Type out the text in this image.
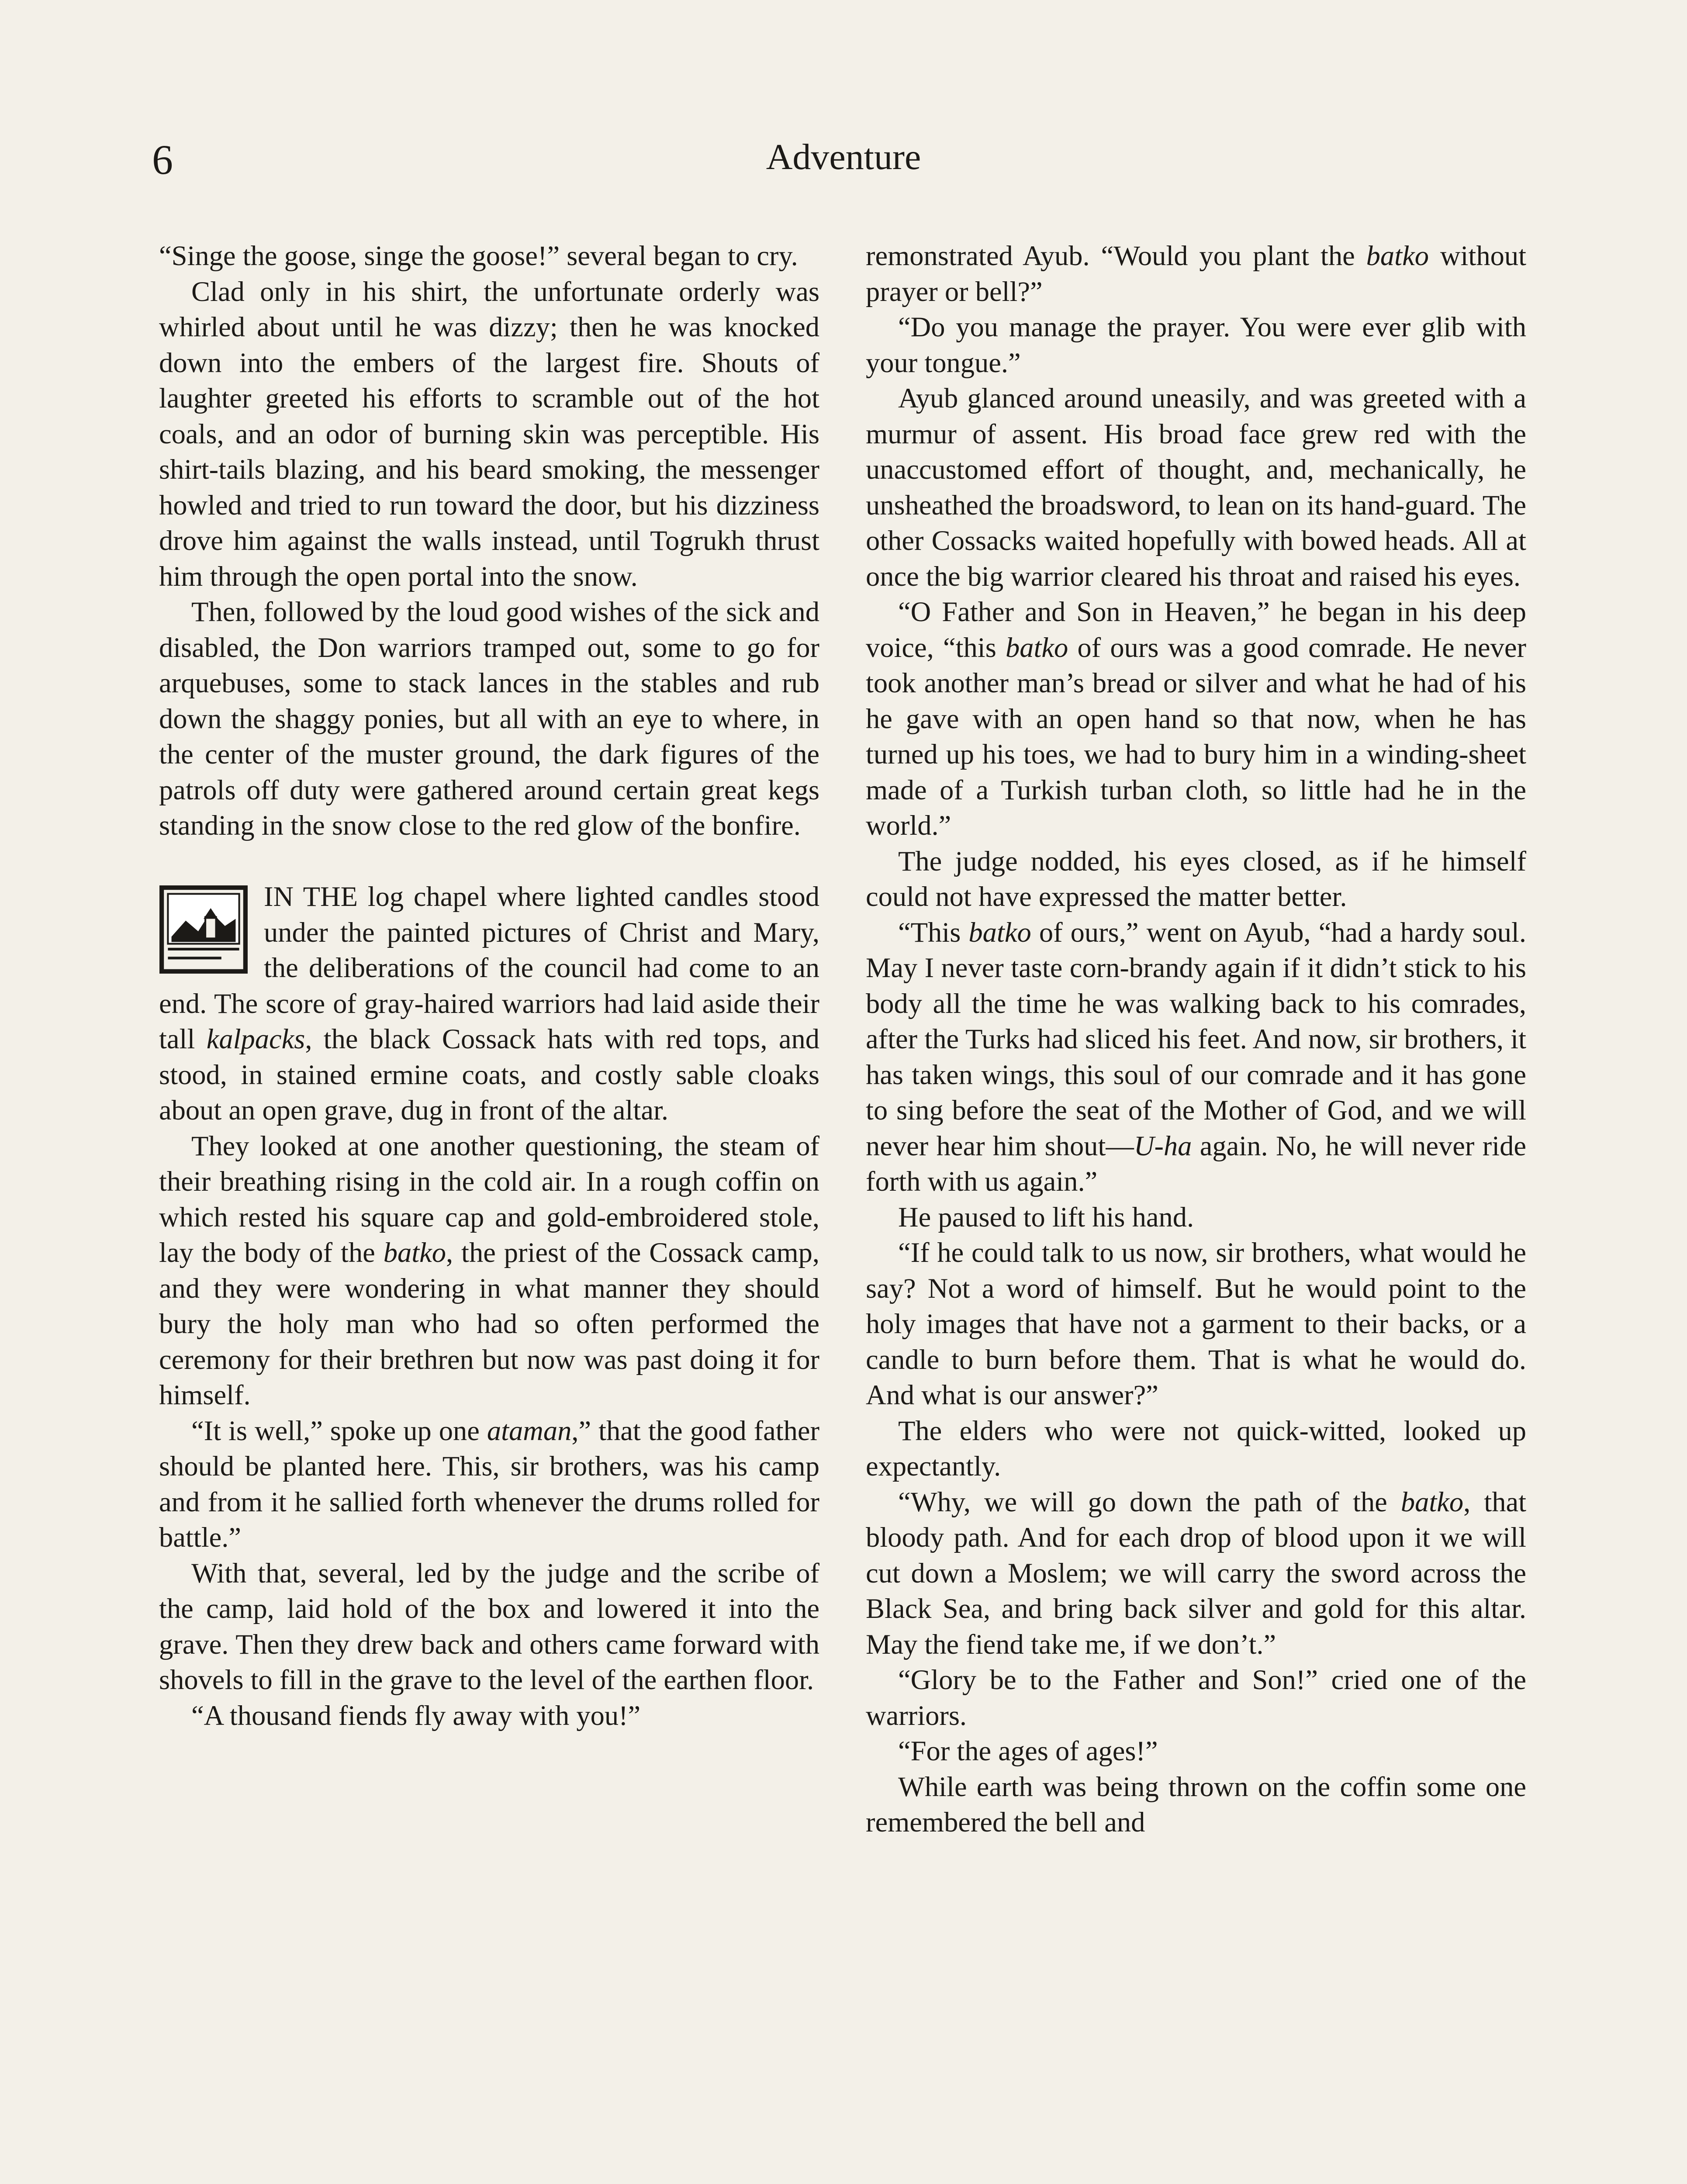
6	Adventure

“Singe the goose, singe the goose!” several began to cry.

Clad only in his shirt, the unfortunate orderly was whirled about until he was dizzy; then he was knocked down into the embers of the largest fire. Shouts of laughter greeted his efforts to scramble out of the hot coals, and an odor of burning skin was perceptible. His shirt-tails blazing, and his beard smoking, the messenger howled and tried to run toward the door, but his dizziness drove him against the walls instead, until Togrukh thrust him through the open portal into the snow.

Then, followed by the loud good wishes of the sick and disabled, the Don warriors tramped out, some to go for arquebuses, some to stack lances in the stables and rub down the shaggy ponies, but all with an eye to where, in the center of the muster ground, the dark figures of the patrols off duty were gathered around certain great kegs standing in the snow close to the red glow of the bonfire.

IN THE log chapel where lighted candles stood under the painted pictures of Christ and Mary, the deliberations of the council had come to an end. The score of gray-haired warriors had laid aside their tall kalpacks, the black Cossack hats with red tops, and stood, in stained ermine coats, and costly sable cloaks about an open grave, dug in front of the altar.

They looked at one another questioning, the steam of their breathing rising in the cold air. In a rough coffin on which rested his square cap and gold-embroidered stole, lay the body of the batko, the priest of the Cossack camp, and they were wondering in what manner they should bury the holy man who had so often performed the ceremony for their brethren but now was past doing it for himself.

“It is well,” spoke up one ataman,” that the good father should be planted here. This, sir brothers, was his camp and from it he sallied forth whenever the drums rolled for battle.”

With that, several, led by the judge and the scribe of the camp, laid hold of the box and lowered it into the grave. Then they drew back and others came forward with shovels to fill in the grave to the level of the earthen floor.

“A thousand fiends fly away with you!”

remonstrated Ayub. “Would you plant the batko without prayer or bell?”

“Do you manage the prayer. You were ever glib with your tongue.”

Ayub glanced around uneasily, and was greeted with a murmur of assent. His broad face grew red with the unaccustomed effort of thought, and, mechanically, he unsheathed the broadsword, to lean on its hand-guard. The other Cossacks waited hopefully with bowed heads. All at once the big warrior cleared his throat and raised his eyes.

“O Father and Son in Heaven,” he began in his deep voice, “this batko of ours was a good comrade. He never took another man’s bread or silver and what he had of his he gave with an open hand so that now, when he has turned up his toes, we had to bury him in a winding-sheet made of a Turkish turban cloth, so little had he in the world.”

The judge nodded, his eyes closed, as if he himself could not have expressed the matter better.

“This batko of ours,” went on Ayub, “had a hardy soul. May I never taste corn-brandy again if it didn’t stick to his body all the time he was walking back to his comrades, after the Turks had sliced his feet. And now, sir brothers, it has taken wings, this soul of our comrade and it has gone to sing before the seat of the Mother of God, and we will never hear him shout—U-ha again. No, he will never ride forth with us again.”

He paused to lift his hand.

“If he could talk to us now, sir brothers, what would he say? Not a word of himself. But he would point to the holy images that have not a garment to their backs, or a candle to burn before them. That is what he would do. And what is our answer?”

The elders who were not quick-witted, looked up expectantly.

“Why, we will go down the path of the batko, that bloody path. And for each drop of blood upon it we will cut down a Moslem; we will carry the sword across the Black Sea, and bring back silver and gold for this altar. May the fiend take me, if we don’t.”

“Glory be to the Father and Son!” cried one of the warriors.

“For the ages of ages!”

While earth was being thrown on the coffin some one remembered the bell and
